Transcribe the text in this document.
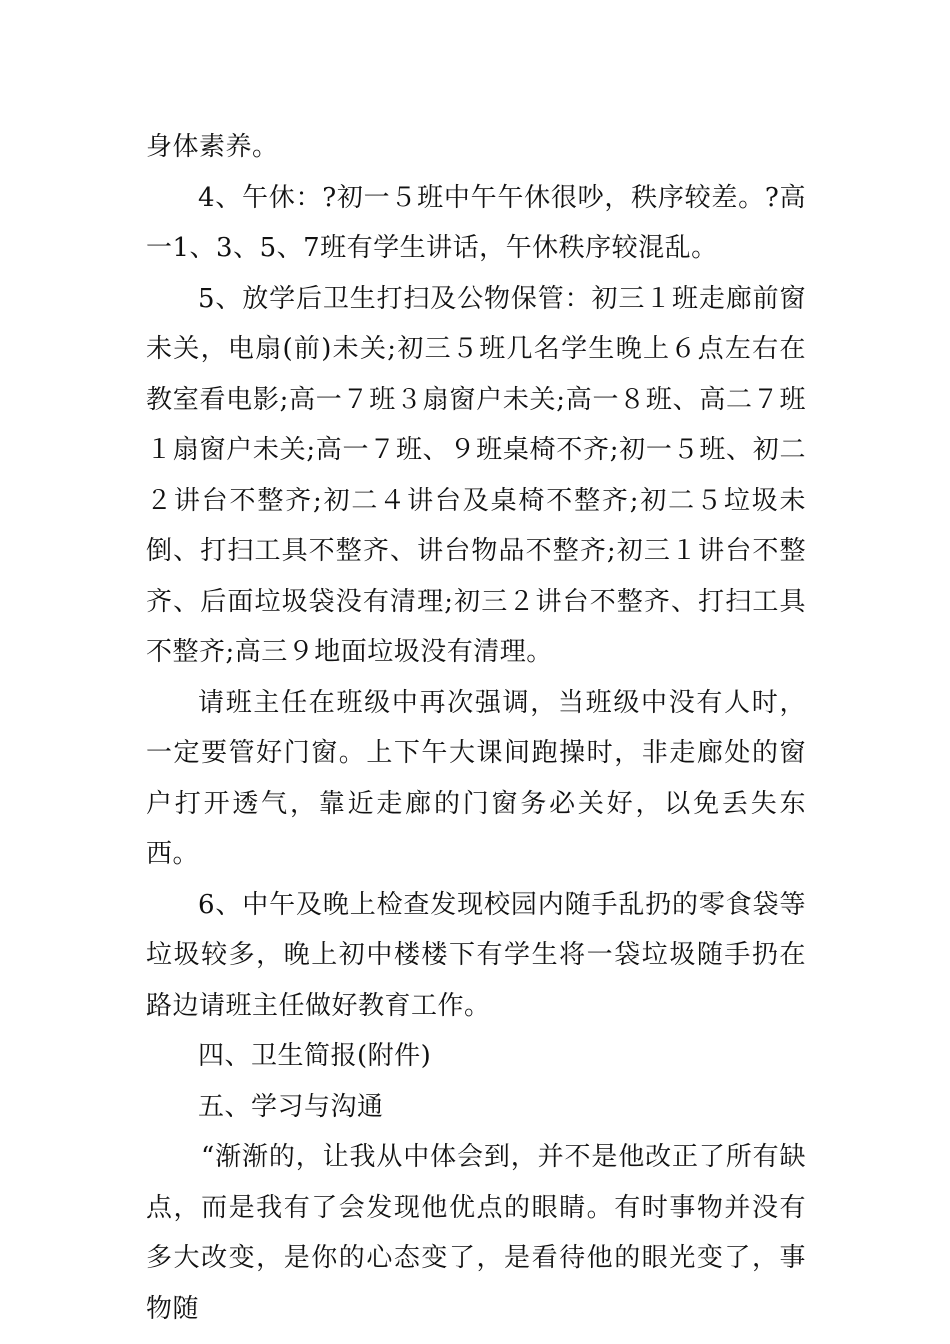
身体素养。

4、午休：?初一５班中午午休很吵，秩序较差。?高一1、3、5、7班有学生讲话，午休秩序较混乱。

5、放学后卫生打扫及公物保管：初三１班走廊前窗未关，电扇(前)未关;初三５班几名学生晚上６点左右在教室看电影;高一７班３扇窗户未关;高一８班、高二７班１扇窗户未关;高一７班、９班桌椅不齐;初一５班、初二２讲台不整齐;初二４讲台及桌椅不整齐;初二５垃圾未倒、打扫工具不整齐、讲台物品不整齐;初三１讲台不整齐、后面垃圾袋没有清理;初三２讲台不整齐、打扫工具不整齐;高三９地面垃圾没有清理。

请班主任在班级中再次强调，当班级中没有人时，一定要管好门窗。上下午大课间跑操时，非走廊处的窗户打开透气，靠近走廊的门窗务必关好，以免丢失东西。

6、中午及晚上检查发现校园内随手乱扔的零食袋等垃圾较多，晚上初中楼楼下有学生将一袋垃圾随手扔在路边请班主任做好教育工作。

四、卫生简报(附件)

五、学习与沟通

“渐渐的，让我从中体会到，并不是他改正了所有缺点，而是我有了会发现他优点的眼睛。有时事物并没有多大改变，是你的心态变了，是看待他的眼光变了，事物随
